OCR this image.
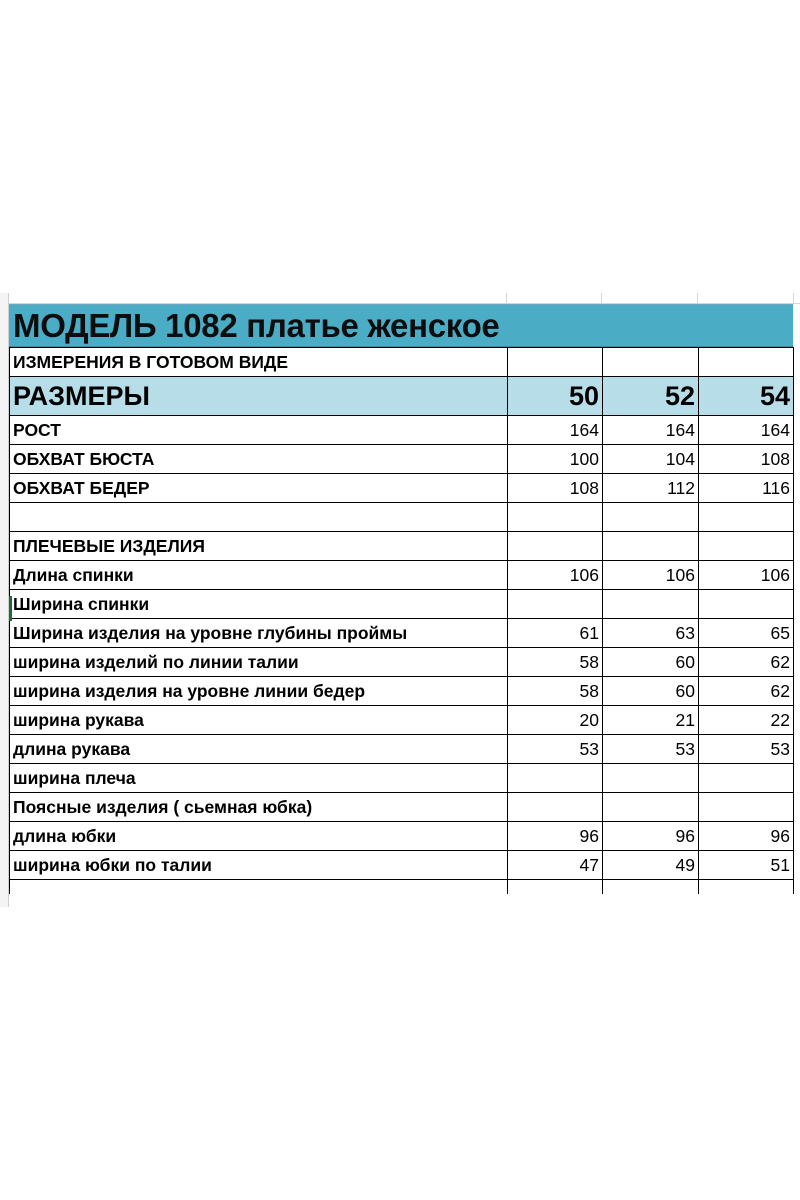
МОДЕЛЬ 1082 платье женское
ИЗМЕРЕНИЯ В ГОТОВОМ ВИДЕ			
РАЗМЕРЫ	50	52	54
РОСТ	164	164	164
ОБХВАТ БЮСТА	100	104	108
ОБХВАТ БЕДЕР	108	112	116

ПЛЕЧЕВЫЕ ИЗДЕЛИЯ			
Длина спинки	106	106	106
Ширина спинки			
Ширина изделия на уровне глубины проймы	61	63	65
ширина изделий по линии талии	58	60	62
ширина изделия на уровне линии бедер	58	60	62
ширина рукава	20	21	22
длина рукава	53	53	53
ширина плеча			
Поясные изделия ( сьемная юбка)			
длина юбки	96	96	96
ширина юбки по талии	47	49	51
